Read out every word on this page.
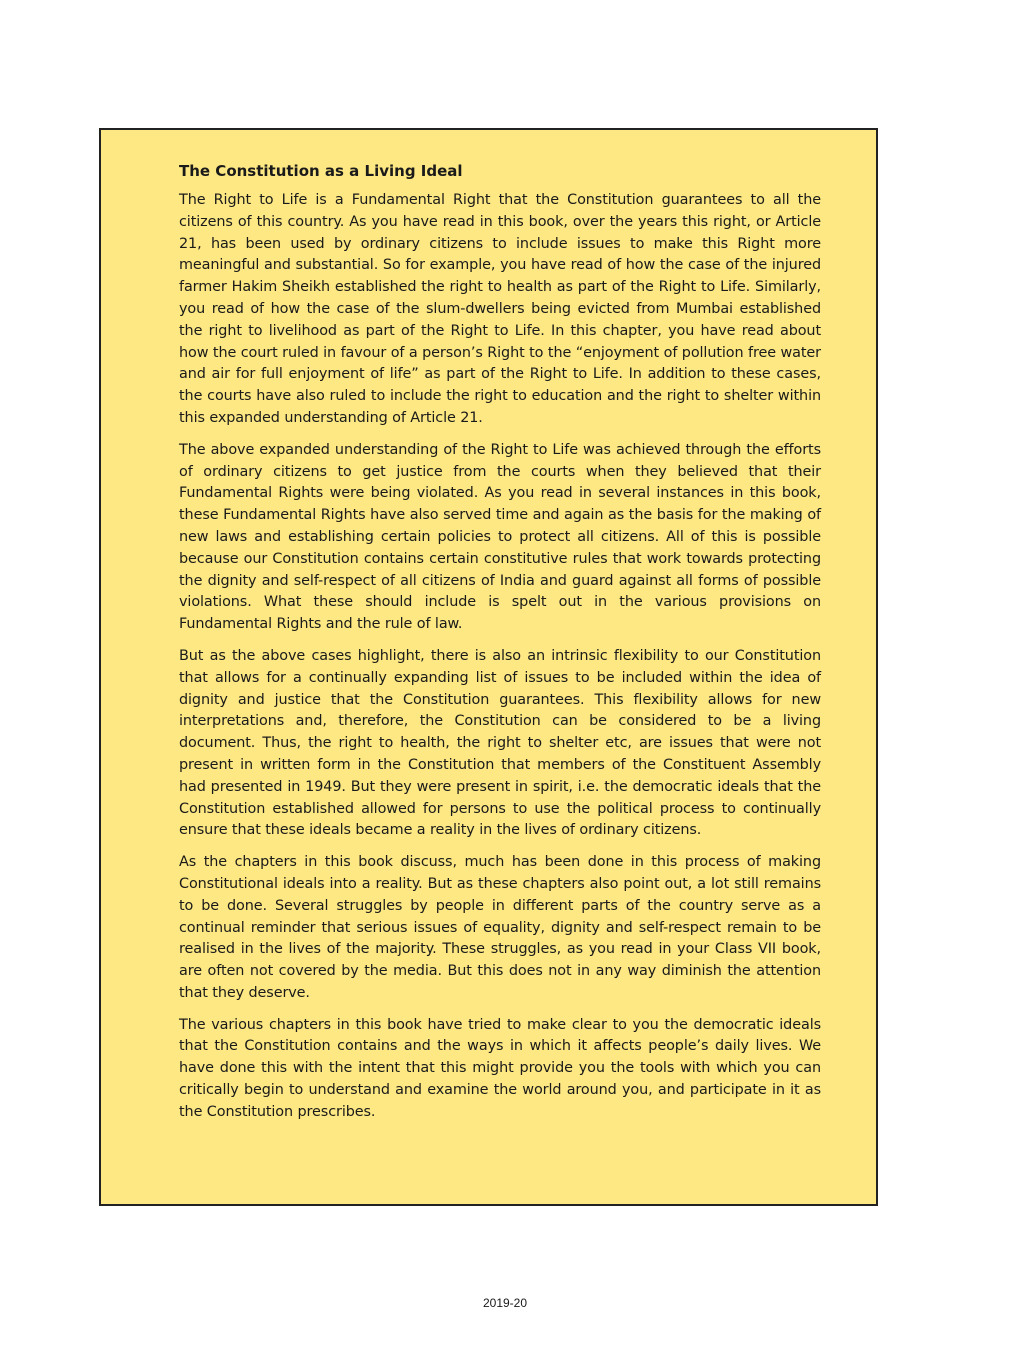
The Constitution as a Living Ideal

The Right to Life is a Fundamental Right that the Constitution guarantees to all the citizens of this country. As you have read in this book, over the years this right, or Article 21, has been used by ordinary citizens to include issues to make this Right more meaningful and substantial. So for example, you have read of how the case of the injured farmer Hakim Sheikh established the right to health as part of the Right to Life. Similarly, you read of how the case of the slum-dwellers being evicted from Mumbai established the right to livelihood as part of the Right to Life. In this chapter, you have read about how the court ruled in favour of a person’s Right to the “enjoyment of pollution free water and air for full enjoyment of life” as part of the Right to Life. In addition to these cases, the courts have also ruled to include the right to education and the right to shelter within this expanded understanding of Article 21.

The above expanded understanding of the Right to Life was achieved through the efforts of ordinary citizens to get justice from the courts when they believed that their Fundamental Rights were being violated. As you read in several instances in this book, these Fundamental Rights have also served time and again as the basis for the making of new laws and establishing certain policies to protect all citizens. All of this is possible because our Constitution contains certain constitutive rules that work towards protecting the dignity and self-respect of all citizens of India and guard against all forms of possible violations. What these should include is spelt out in the various provisions on Fundamental Rights and the rule of law.

But as the above cases highlight, there is also an intrinsic flexibility to our Constitution that allows for a continually expanding list of issues to be included within the idea of dignity and justice that the Constitution guarantees. This flexibility allows for new interpretations and, therefore, the Constitution can be considered to be a living document. Thus, the right to health, the right to shelter etc, are issues that were not present in written form in the Constitution that members of the Constituent Assembly had presented in 1949. But they were present in spirit, i.e. the democratic ideals that the Constitution established allowed for persons to use the political process to continually ensure that these ideals became a reality in the lives of ordinary citizens.

As the chapters in this book discuss, much has been done in this process of making Constitutional ideals into a reality. But as these chapters also point out, a lot still remains to be done. Several struggles by people in different parts of the country serve as a continual reminder that serious issues of equality, dignity and self-respect remain to be realised in the lives of the majority. These struggles, as you read in your Class VII book, are often not covered by the media. But this does not in any way diminish the attention that they deserve.

The various chapters in this book have tried to make clear to you the democratic ideals that the Constitution contains and the ways in which it affects people’s daily lives. We have done this with the intent that this might provide you the tools with which you can critically begin to understand and examine the world around you, and participate in it as the Constitution prescribes.

2019-20
